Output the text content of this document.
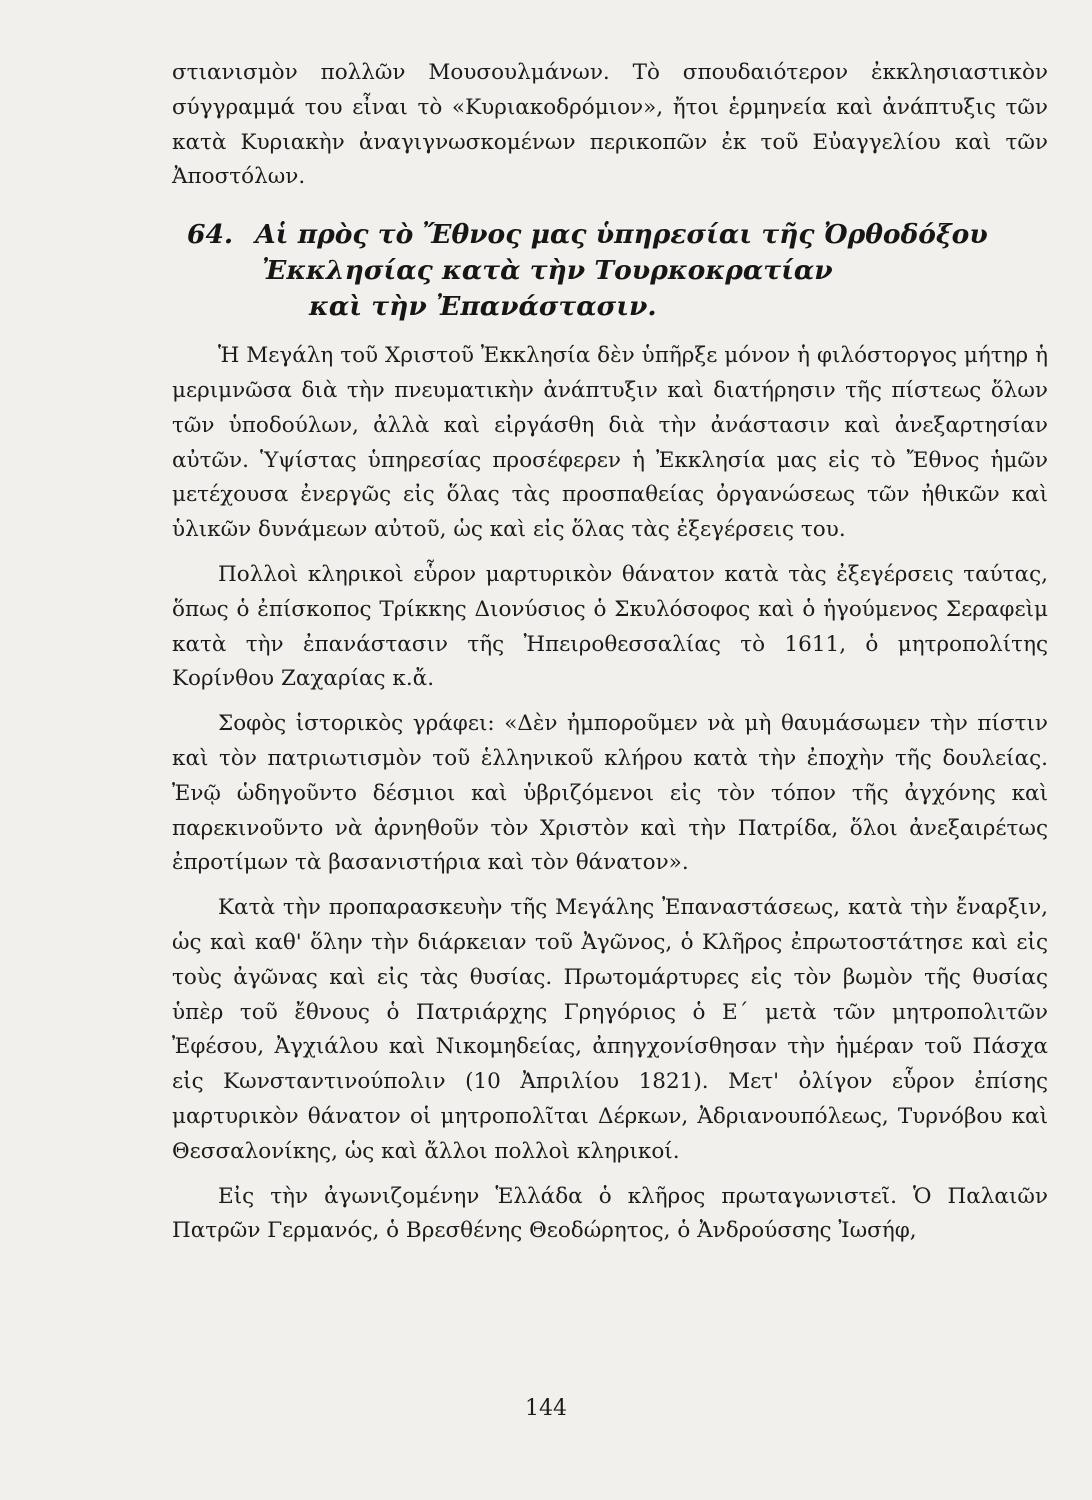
στιανισμὸν πολλῶν Μουσουλμάνων. Τὸ σπουδαιότερον ἐκκλησιαστικὸν σύγγραμμά του εἶναι τὸ «Κυριακοδρόμιον», ἤτοι ἑρμηνεία καὶ ἀνάπτυξις τῶν κατὰ Κυριακὴν ἀναγιγνωσκομένων περικοπῶν ἐκ τοῦ Εὐαγγελίου καὶ τῶν Ἀποστόλων.

64. Αἱ πρὸς τὸ Ἔθνος μας ὑπηρεσίαι τῆς Ὀρθοδόξου
Ἐκκλησίας κατὰ τὴν Τουρκοκρατίαν
καὶ τὴν Ἐπανάστασιν.

Ἡ Μεγάλη τοῦ Χριστοῦ Ἐκκλησία δὲν ὑπῆρξε μόνον ἡ φιλόστοργος μήτηρ ἡ μεριμνῶσα διὰ τὴν πνευματικὴν ἀνάπτυξιν καὶ διατήρησιν τῆς πίστεως ὅλων τῶν ὑποδούλων, ἀλλὰ καὶ εἰργάσθη διὰ τὴν ἀνάστασιν καὶ ἀνεξαρτησίαν αὐτῶν. Ὑψίστας ὑπηρεσίας προσέφερεν ἡ Ἐκκλησία μας εἰς τὸ Ἔθνος ἡμῶν μετέχουσα ἐνεργῶς εἰς ὅλας τὰς προσπαθείας ὀργανώσεως τῶν ἠθικῶν καὶ ὑλικῶν δυνάμεων αὐτοῦ, ὡς καὶ εἰς ὅλας τὰς ἐξεγέρσεις του.

Πολλοὶ κληρικοὶ εὗρον μαρτυρικὸν θάνατον κατὰ τὰς ἐξεγέρσεις ταύτας, ὅπως ὁ ἐπίσκοπος Τρίκκης Διονύσιος ὁ Σκυλόσοφος καὶ ὁ ἡγούμενος Σεραφεὶμ κατὰ τὴν ἐπανάστασιν τῆς Ἠπειροθεσσαλίας τὸ 1611, ὁ μητροπολίτης Κορίνθου Ζαχαρίας κ.ἄ.

Σοφὸς ἱστορικὸς γράφει: «Δὲν ἠμποροῦμεν νὰ μὴ θαυμάσωμεν τὴν πίστιν καὶ τὸν πατριωτισμὸν τοῦ ἑλληνικοῦ κλήρου κατὰ τὴν ἐποχὴν τῆς δουλείας. Ἐνῷ ὡδηγοῦντο δέσμιοι καὶ ὑβριζόμενοι εἰς τὸν τόπον τῆς ἀγχόνης καὶ παρεκινοῦντο νὰ ἀρνηθοῦν τὸν Χριστὸν καὶ τὴν Πατρίδα, ὅλοι ἀνεξαιρέτως ἐπροτίμων τὰ βασανιστήρια καὶ τὸν θάνατον».

Κατὰ τὴν προπαρασκευὴν τῆς Μεγάλης Ἐπαναστάσεως, κατὰ τὴν ἔναρξιν, ὡς καὶ καθ' ὅλην τὴν διάρκειαν τοῦ Ἀγῶνος, ὁ Κλῆρος ἐπρωτοστάτησε καὶ εἰς τοὺς ἀγῶνας καὶ εἰς τὰς θυσίας. Πρωτομάρτυρες εἰς τὸν βωμὸν τῆς θυσίας ὑπὲρ τοῦ ἔθνους ὁ Πατριάρχης Γρηγόριος ὁ Ε΄ μετὰ τῶν μητροπολιτῶν Ἐφέσου, Ἀγχιάλου καὶ Νικομηδείας, ἀπηγχονίσθησαν τὴν ἡμέραν τοῦ Πάσχα εἰς Κωνσταντινούπολιν (10 Ἀπριλίου 1821). Μετ' ὀλίγον εὗρον ἐπίσης μαρτυρικὸν θάνατον οἱ μητροπολῖται Δέρκων, Ἀδριανουπόλεως, Τυρνόβου καὶ Θεσσαλονίκης, ὡς καὶ ἄλλοι πολλοὶ κληρικοί.

Εἰς τὴν ἀγωνιζομένην Ἑλλάδα ὁ κλῆρος πρωταγωνιστεῖ. Ὁ Παλαιῶν Πατρῶν Γερμανός, ὁ Βρεσθένης Θεοδώρητος, ὁ Ἀνδρούσσης Ἰωσήφ,

144
